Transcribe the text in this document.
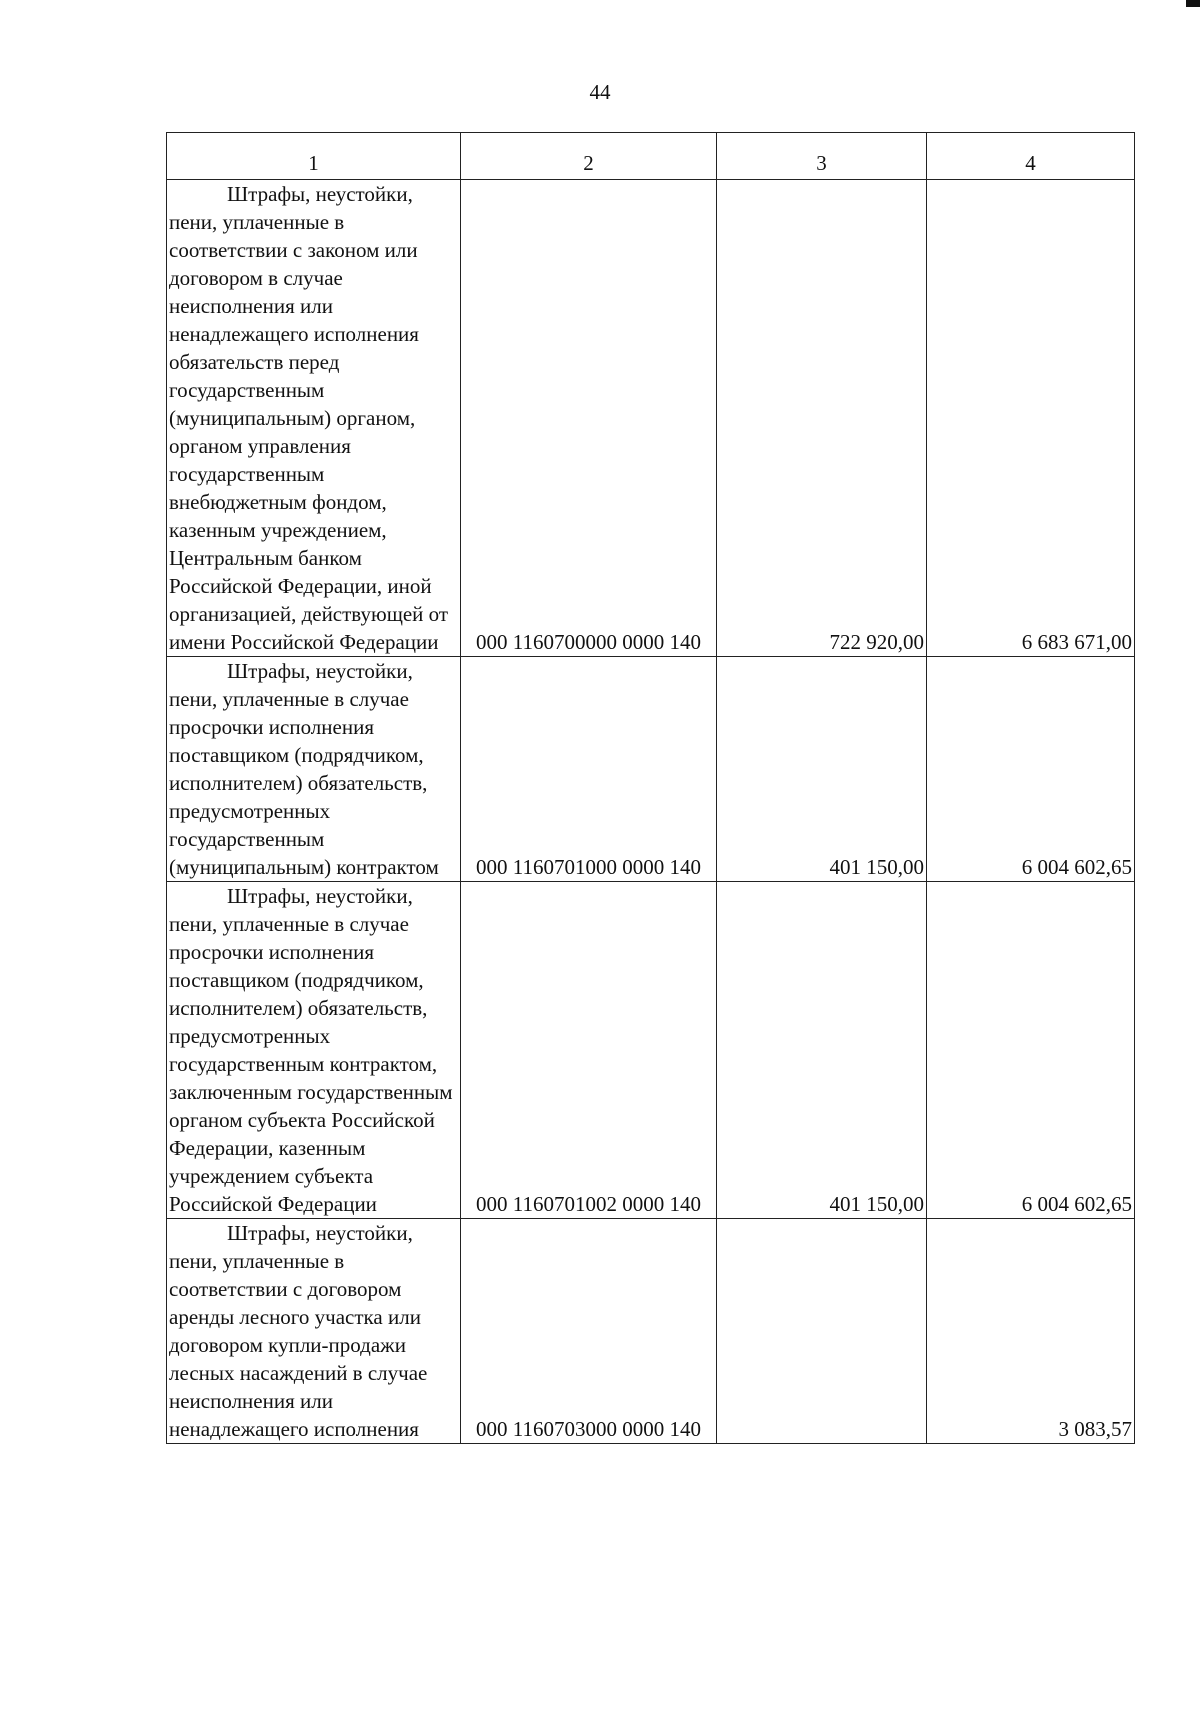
44
1	2	3	4

Штрафы, неустойки,
пени, уплаченные в соответствии с законом или договором в случае неисполнения или ненадлежащего исполнения обязательств перед государственным (муниципальным) органом, органом управления государственным внебюджетным фондом, казенным учреждением, Центральным банком Российской Федерации, иной организацией, действующей от имени Российской Федерации	000 1160700000 0000 140	722 920,00	6 683 671,00

Штрафы, неустойки,
пени, уплаченные в случае просрочки исполнения поставщиком (подрядчиком, исполнителем) обязательств, предусмотренных государственным (муниципальным) контрактом	000 1160701000 0000 140	401 150,00	6 004 602,65

Штрафы, неустойки,
пени, уплаченные в случае просрочки исполнения поставщиком (подрядчиком, исполнителем) обязательств, предусмотренных государственным контрактом, заключенным государственным органом субъекта Российской Федерации, казенным учреждением субъекта Российской Федерации	000 1160701002 0000 140	401 150,00	6 004 602,65

Штрафы, неустойки,
пени, уплаченные в соответствии с договором аренды лесного участка или договором купли-продажи лесных насаждений в случае неисполнения или ненадлежащего исполнения	000 1160703000 0000 140		3 083,57
